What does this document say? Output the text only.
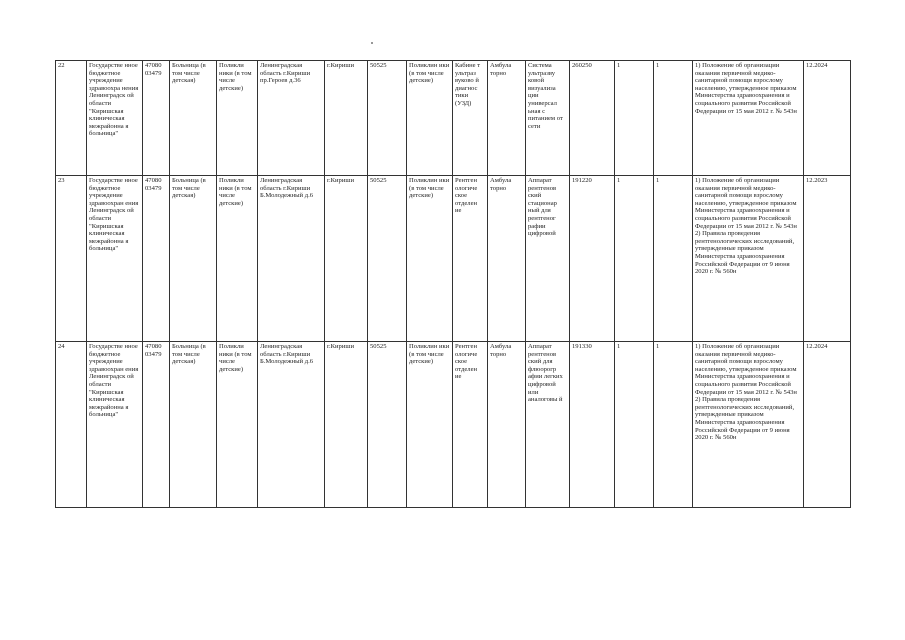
22	Государстве нное бюджетное учреждение здравоохра нения Ленинградск ой области "Киришская клиническая межрайонна я больница"	47080 03479	Больница (в том числе детская)	Поликли ники (в том числе детские)	Ленинградская область г.Кириши пр.Героев д.36	г.Кириши	50525	Поликлин ики (в том числе детские)	Кабине т ультраз вуково й диагнос тики (УЗД)	Амбула торно	Система ультразву ковой визуализа ции универсал ьная с питанием от сети	260250	1	1	1) Положение об организации оказания первичной медико-санитарной помощи взрослому населению, утвержденное приказом Министерства здравоохранения и социального развития Российской Федерации от 15 мая 2012 г. № 543н	12.2024
23	Государстве нное бюджетное учреждение здравоохран ения Ленинградск ой области "Киришская клиническая межрайонна я больница"	47080 03479	Больница (в том числе детская)	Поликли ники (в том числе детские)	Ленинградская область г.Кириши Б.Молодежный д.6	г.Кириши	50525	Поликлин ики (в том числе детские)	Рентген ологиче ское отделен ие	Амбула торно	Аппарат рентгенов ский стационар ный для рентгеног рафии цифровой	191220	1	1	1) Положение об организации оказания первичной медико-санитарной помощи взрослому населению, утвержденное приказом Министерства здравоохранения и социального развития Российской Федерации от 15 мая 2012 г. № 543н 2) Правила проведения рентгенологических исследований, утвержденные приказом Министерства здравоохранения Российской Федерации от 9 июня 2020 г. № 560н	12.2023
24	Государстве нное бюджетное учреждение здравоохран ения Ленинградск ой области "Киришская клиническая межрайонна я больница"	47080 03479	Больница (в том числе детская)	Поликли ники (в том числе детские)	Ленинградская область г.Кириши Б.Молодежный д.6	г.Кириши	50525	Поликлин ики (в том числе детские)	Рентген ологиче ское отделен ие	Амбула торно	Аппарат рентгенов ский для флюорогр афии легких цифровой или аналоговы й	191330	1	1	1) Положение об организации оказания первичной медико-санитарной помощи взрослому населению, утвержденное приказом Министерства здравоохранения и социального развития Российской Федерации от 15 мая 2012 г. № 543н 2) Правила проведения рентгенологических исследований, утвержденные приказом Министерства здравоохранения Российской Федерации от 9 июня 2020 г. № 560н	12.2024
